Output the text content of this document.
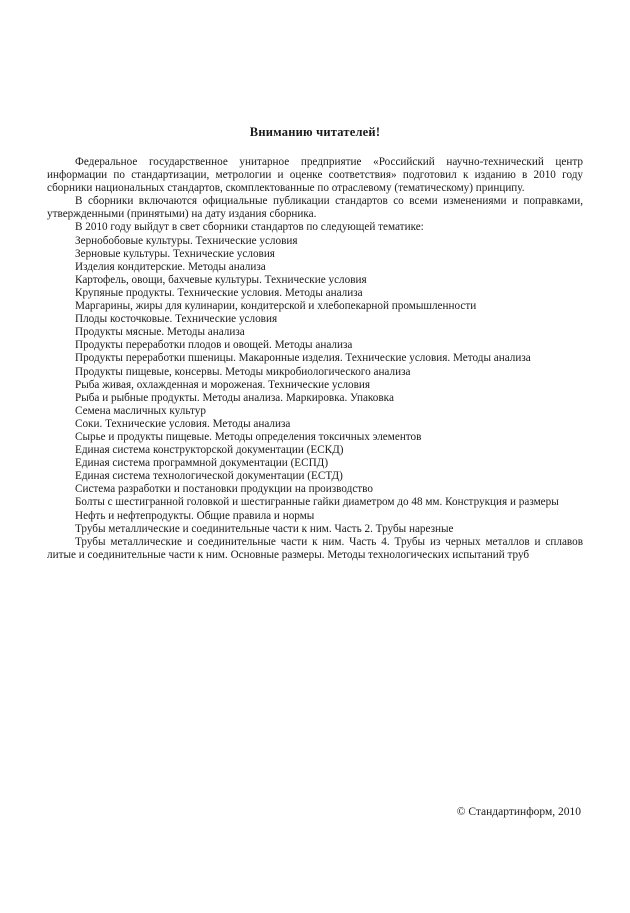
Вниманию читателей!

Федеральное государственное унитарное предприятие «Российский научно-технический центр информации по стандартизации, метрологии и оценке соответствия» подготовил к изданию в 2010 году сборники национальных стандартов, скомплектованные по отраслевому (тематическому) принципу.

В сборники включаются официальные публикации стандартов со всеми изменениями и поправками, утвержденными (принятыми) на дату издания сборника.

В 2010 году выйдут в свет сборники стандартов по следующей тематике:

Зернобобовые культуры. Технические условия
Зерновые культуры. Технические условия
Изделия кондитерские. Методы анализа
Картофель, овощи, бахчевые культуры. Технические условия
Крупяные продукты. Технические условия. Методы анализа
Маргарины, жиры для кулинарии, кондитерской и хлебопекарной промышленности
Плоды косточковые. Технические условия
Продукты мясные. Методы анализа
Продукты переработки плодов и овощей. Методы анализа
Продукты переработки пшеницы. Макаронные изделия. Технические условия. Методы анализа
Продукты пищевые, консервы. Методы микробиологического анализа
Рыба живая, охлажденная и мороженая. Технические условия
Рыба и рыбные продукты. Методы анализа. Маркировка. Упаковка
Семена масличных культур
Соки. Технические условия. Методы анализа
Сырье и продукты пищевые. Методы определения токсичных элементов
Единая система конструкторской документации (ЕСКД)
Единая система программной документации (ЕСПД)
Единая система технологической документации (ЕСТД)
Система разработки и постановки продукции на производство
Болты с шестигранной головкой и шестигранные гайки диаметром до 48 мм. Конструкция и размеры
Нефть и нефтепродукты. Общие правила и нормы
Трубы металлические и соединительные части к ним. Часть 2. Трубы нарезные
Трубы металлические и соединительные части к ним. Часть 4. Трубы из черных металлов и сплавов литые и соединительные части к ним. Основные размеры. Методы технологических испытаний труб
© Стандартинформ, 2010
